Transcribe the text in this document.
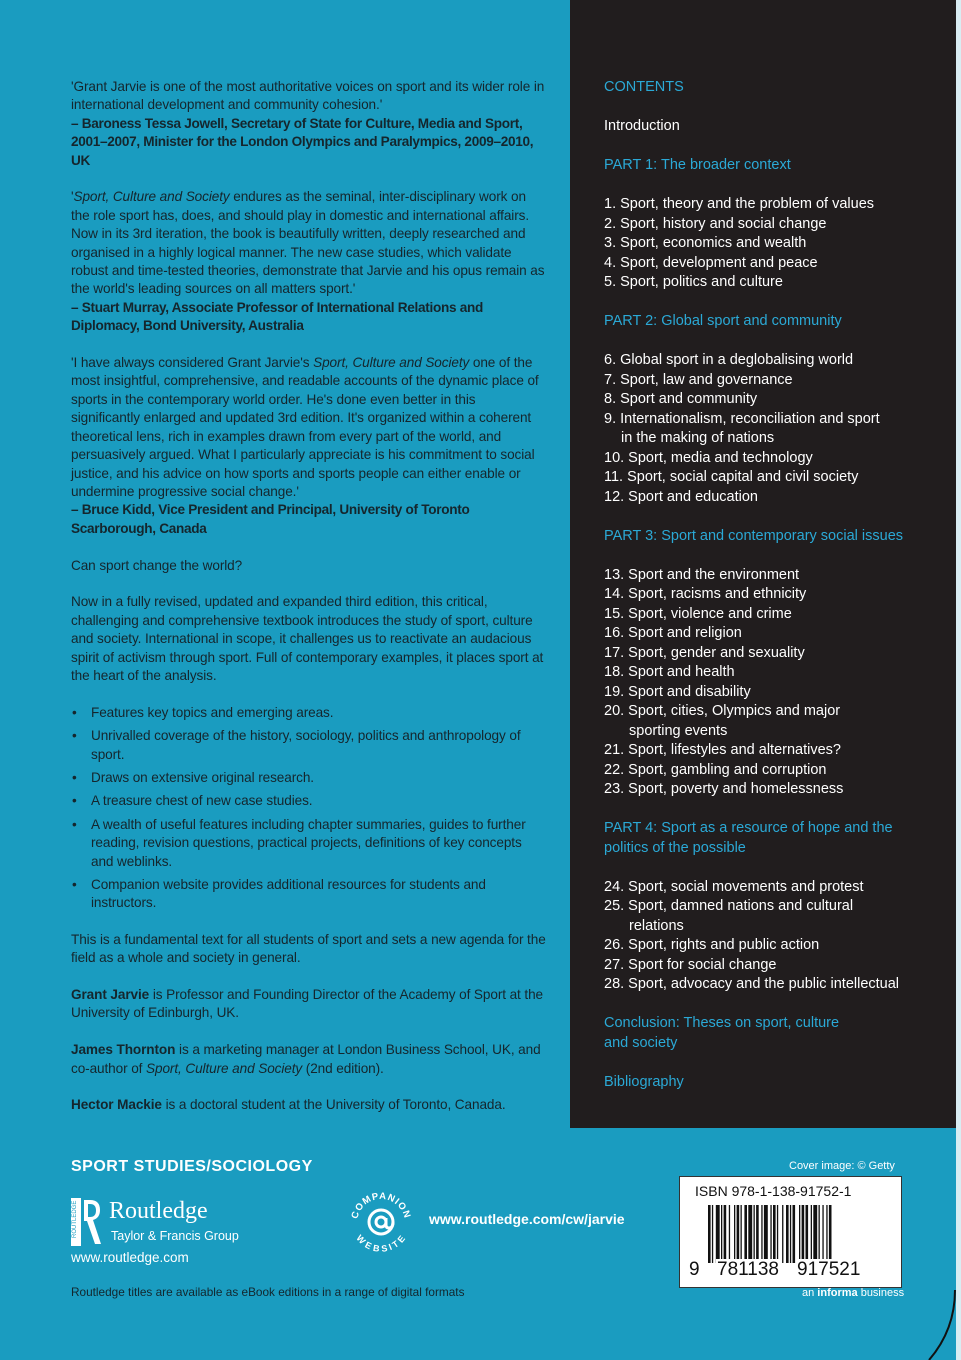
'Grant Jarvie is one of the most authoritative voices on sport and its wider role in international development and community cohesion.'
– Baroness Tessa Jowell, Secretary of State for Culture, Media and Sport, 2001–2007, Minister for the London Olympics and Paralympics, 2009–2010, UK

'Sport, Culture and Society endures as the seminal, inter-disciplinary work on the role sport has, does, and should play in domestic and international affairs. Now in its 3rd iteration, the book is beautifully written, deeply researched and organised in a highly logical manner. The new case studies, which validate robust and time-tested theories, demonstrate that Jarvie and his opus remain as the world's leading sources on all matters sport.'
– Stuart Murray, Associate Professor of International Relations and Diplomacy, Bond University, Australia

'I have always considered Grant Jarvie's Sport, Culture and Society one of the most insightful, comprehensive, and readable accounts of the dynamic place of sports in the contemporary world order. He's done even better in this significantly enlarged and updated 3rd edition. It's organized within a coherent theoretical lens, rich in examples drawn from every part of the world, and persuasively argued. What I particularly appreciate is his commitment to social justice, and his advice on how sports and sports people can either enable or undermine progressive social change.'
– Bruce Kidd, Vice President and Principal, University of Toronto Scarborough, Canada

Can sport change the world?

Now in a fully revised, updated and expanded third edition, this critical, challenging and comprehensive textbook introduces the study of sport, culture and society. International in scope, it challenges us to reactivate an audacious spirit of activism through sport. Full of contemporary examples, it places sport at the heart of the analysis.

• Features key topics and emerging areas.
• Unrivalled coverage of the history, sociology, politics and anthropology of sport.
• Draws on extensive original research.
• A treasure chest of new case studies.
• A wealth of useful features including chapter summaries, guides to further reading, revision questions, practical projects, definitions of key concepts and weblinks.
• Companion website provides additional resources for students and instructors.

This is a fundamental text for all students of sport and sets a new agenda for the field as a whole and society in general.

Grant Jarvie is Professor and Founding Director of the Academy of Sport at the University of Edinburgh, UK.

James Thornton is a marketing manager at London Business School, UK, and co-author of Sport, Culture and Society (2nd edition).

Hector Mackie is a doctoral student at the University of Toronto, Canada.

CONTENTS
Introduction
PART 1: The broader context
1. Sport, theory and the problem of values
2. Sport, history and social change
3. Sport, economics and wealth
4. Sport, development and peace
5. Sport, politics and culture
PART 2: Global sport and community
6. Global sport in a deglobalising world
7. Sport, law and governance
8. Sport and community
9. Internationalism, reconciliation and sport
in the making of nations
10. Sport, media and technology
11. Sport, social capital and civil society
12. Sport and education
PART 3: Sport and contemporary social issues
13. Sport and the environment
14. Sport, racisms and ethnicity
15. Sport, violence and crime
16. Sport and religion
17. Sport, gender and sexuality
18. Sport and health
19. Sport and disability
20. Sport, cities, Olympics and major
sporting events
21. Sport, lifestyles and alternatives?
22. Sport, gambling and corruption
23. Sport, poverty and homelessness
PART 4: Sport as a resource of hope and the
politics of the possible
24. Sport, social movements and protest
25. Sport, damned nations and cultural
relations
26. Sport, rights and public action
27. Sport for social change
28. Sport, advocacy and the public intellectual
Conclusion: Theses on sport, culture
and society
Bibliography
SPORT STUDIES/SOCIOLOGY
ROUTLEDGE Routledge
Taylor & Francis Group
www.routledge.com
Routledge titles are available as eBook editions in a range of digital formats
COMPANION
WEBSITE
www.routledge.com/cw/jarvie
Cover image: © Getty
ISBN 978-1-138-91752-1
9 781138 917521
an informa business
